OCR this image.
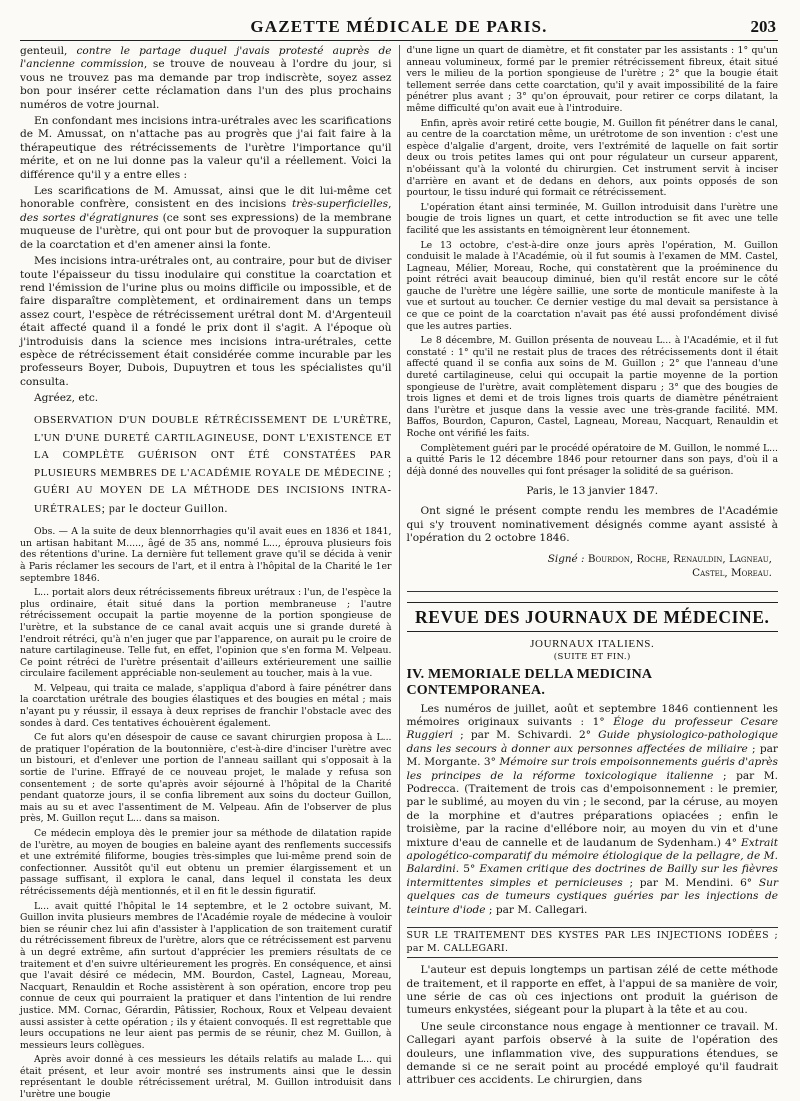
GAZETTE MÉDICALE DE PARIS.	203

genteuil, contre le partage duquel j'avais protesté auprès de l'ancienne commission, se trouve de nouveau à l'ordre du jour, si vous ne trouvez pas ma demande par trop indiscrète, soyez assez bon pour insérer cette réclamation dans l'un des plus prochains numéros de votre journal.

En confondant mes incisions intra-urétrales avec les scarifications de M. Amussat, on n'attache pas au progrès que j'ai fait faire à la thérapeutique des rétrécissements de l'urètre l'importance qu'il mérite, et on ne lui donne pas la valeur qu'il a réellement. Voici la différence qu'il y a entre elles :

Les scarifications de M. Amussat, ainsi que le dit lui-même cet honorable confrère, consistent en des incisions très-superficielles, des sortes d'égratignures (ce sont ses expressions) de la membrane muqueuse de l'urètre, qui ont pour but de provoquer la suppuration de la coarctation et d'en amener ainsi la fonte.

Mes incisions intra-urétrales ont, au contraire, pour but de diviser toute l'épaisseur du tissu inodulaire qui constitue la coarctation et rend l'émission de l'urine plus ou moins difficile ou impossible, et de faire disparaître complètement, et ordinairement dans un temps assez court, l'espèce de rétrécissement urétral dont M. d'Argenteuil était affecté quand il a fondé le prix dont il s'agit. A l'époque où j'introduisis dans la science mes incisions intra-urétrales, cette espèce de rétrécissement était considérée comme incurable par les professeurs Boyer, Dubois, Dupuytren et tous les spécialistes qu'il consulta.

Agréez, etc.
OBSERVATION D'UN DOUBLE RÉTRÉCISSEMENT DE L'URÈTRE, L'UN D'UNE DURETÉ CARTILAGINEUSE, DONT L'EXISTENCE ET LA COMPLÈTE GUÉRISON ONT ÉTÉ CONSTATÉES PAR PLUSIEURS MEMBRES DE L'ACADÉMIE ROYALE DE MÉDECINE ; GUÉRI AU MOYEN DE LA MÉTHODE DES INCISIONS INTRA-URÉTRALES; par le docteur Guillon.

Obs. — A la suite de deux blennorrhagies qu'il avait eues en 1836 et 1841, un artisan habitant M....., âgé de 35 ans, nommé L..., éprouva plusieurs fois des rétentions d'urine. La dernière fut tellement grave qu'il se décida à venir à Paris réclamer les secours de l'art, et il entra à l'hôpital de la Charité le 1er septembre 1846.

L... portait alors deux rétrécissements fibreux urétraux : l'un, de l'espèce la plus ordinaire, était situé dans la portion membraneuse ; l'autre rétrécissement occupait la partie moyenne de la portion spongieuse de l'urètre, et la substance de ce canal avait acquis une si grande dureté à l'endroit rétréci, qu'à n'en juger que par l'apparence, on aurait pu le croire de nature cartilagineuse. Telle fut, en effet, l'opinion que s'en forma M. Velpeau. Ce point rétréci de l'urètre présentait d'ailleurs extérieurement une saillie circulaire facilement appréciable non-seulement au toucher, mais à la vue.

M. Velpeau, qui traita ce malade, s'appliqua d'abord à faire pénétrer dans la coarctation urétrale des bougies élastiques et des bougies en métal ; mais n'ayant pu y réussir, il essaya à deux reprises de franchir l'obstacle avec des sondes à dard. Ces tentatives échouèrent également.

Ce fut alors qu'en désespoir de cause ce savant chirurgien proposa à L... de pratiquer l'opération de la boutonnière, c'est-à-dire d'inciser l'urètre avec un bistouri, et d'enlever une portion de l'anneau saillant qui s'opposait à la sortie de l'urine. Effrayé de ce nouveau projet, le malade y refusa son consentement ; de sorte qu'après avoir séjourné à l'hôpital de la Charité pendant quatorze jours, il se confia librement aux soins du docteur Guillon, mais au su et avec l'assentiment de M. Velpeau. Afin de l'observer de plus près, M. Guillon reçut L... dans sa maison.

Ce médecin employa dès le premier jour sa méthode de dilatation rapide de l'urètre, au moyen de bougies en baleine ayant des renflements successifs et une extrémité filiforme, bougies très-simples que lui-même prend soin de confectionner. Aussitôt qu'il eut obtenu un premier élargissement et un passage suffisant, il explora le canal, dans lequel il constata les deux rétrécissements déjà mentionnés, et il en fit le dessin figuratif.

L... avait quitté l'hôpital le 14 septembre, et le 2 octobre suivant, M. Guillon invita plusieurs membres de l'Académie royale de médecine à vouloir bien se réunir chez lui afin d'assister à l'application de son traitement curatif du rétrécissement fibreux de l'urètre, alors que ce rétrécissement est parvenu à un degré extrême, afin surtout d'apprécier les premiers résultats de ce traitement et d'en suivre ultérieurement les progrès. En conséquence, et ainsi que l'avait désiré ce médecin, MM. Bourdon, Castel, Lagneau, Moreau, Nacquart, Renauldin et Roche assistèrent à son opération, encore trop peu connue de ceux qui pourraient la pratiquer et dans l'intention de lui rendre justice. MM. Cornac, Gérardin, Pâtissier, Rochoux, Roux et Velpeau devaient aussi assister à cette opération ; ils y étaient convoqués. Il est regrettable que leurs occupations ne leur aient pas permis de se réunir, chez M. Guillon, à messieurs leurs collègues.

Après avoir donné à ces messieurs les détails relatifs au malade L... qui était présent, et leur avoir montré ses instruments ainsi que le dessin représentant le double rétrécissement urétral, M. Guillon introduisit dans l'urètre une bougie

d'une ligne un quart de diamètre, et fit constater par les assistants : 1° qu'un anneau volumineux, formé par le premier rétrécissement fibreux, était situé vers le milieu de la portion spongieuse de l'urètre ; 2° que la bougie était tellement serrée dans cette coarctation, qu'il y avait impossibilité de la faire pénétrer plus avant ; 3° qu'on éprouvait, pour retirer ce corps dilatant, la même difficulté qu'on avait eue à l'introduire.

Enfin, après avoir retiré cette bougie, M. Guillon fit pénétrer dans le canal, au centre de la coarctation même, un urétrotome de son invention : c'est une espèce d'algalie d'argent, droite, vers l'extrémité de laquelle on fait sortir deux ou trois petites lames qui ont pour régulateur un curseur apparent, n'obéissant qu'à la volonté du chirurgien. Cet instrument servit à inciser d'arrière en avant et de dedans en dehors, aux points opposés de son pourtour, le tissu induré qui formait ce rétrécissement.

L'opération étant ainsi terminée, M. Guillon introduisit dans l'urètre une bougie de trois lignes un quart, et cette introduction se fit avec une telle facilité que les assistants en témoignèrent leur étonnement.

Le 13 octobre, c'est-à-dire onze jours après l'opération, M. Guillon conduisit le malade à l'Académie, où il fut soumis à l'examen de MM. Castel, Lagneau, Mélier, Moreau, Roche, qui constatèrent que la proéminence du point rétréci avait beaucoup diminué, bien qu'il restât encore sur le côté gauche de l'urètre une légère saillie, une sorte de monticule manifeste à la vue et surtout au toucher. Ce dernier vestige du mal devait sa persistance à ce que ce point de la coarctation n'avait pas été aussi profondément divisé que les autres parties.

Le 8 décembre, M. Guillon présenta de nouveau L... à l'Académie, et il fut constaté : 1° qu'il ne restait plus de traces des rétrécissements dont il était affecté quand il se confia aux soins de M. Guillon ; 2° que l'anneau d'une dureté cartilagineuse, celui qui occupait la partie moyenne de la portion spongieuse de l'urètre, avait complètement disparu ; 3° que des bougies de trois lignes et demi et de trois lignes trois quarts de diamètre pénétraient dans l'urètre et jusque dans la vessie avec une très-grande facilité. MM. Baffos, Bourdon, Capuron, Castel, Lagneau, Moreau, Nacquart, Renauldin et Roche ont vérifié les faits.

Complètement guéri par le procédé opératoire de M. Guillon, le nommé L... a quitté Paris le 12 décembre 1846 pour retourner dans son pays, d'où il a déjà donné des nouvelles qui font présager la solidité de sa guérison.

Paris, le 13 janvier 1847.

Ont signé le présent compte rendu les membres de l'Académie qui s'y trouvent nominativement désignés comme ayant assisté à l'opération du 2 octobre 1846.

Signé : Bourdon, Roche, Renauldin, Lagneau,
Castel, Moreau.
REVUE DES JOURNAUX DE MÉDECINE.
JOURNAUX ITALIENS.
(SUITE ET FIN.)
IV. MEMORIALE DELLA MEDICINA CONTEMPORANEA.

Les numéros de juillet, août et septembre 1846 contiennent les mémoires originaux suivants : 1° Éloge du professeur Cesare Ruggieri ; par M. Schivardi. 2° Guide physiologico-pathologique dans les secours à donner aux personnes affectées de miliaire ; par M. Morgante. 3° Mémoire sur trois empoisonnements guéris d'après les principes de la réforme toxicologique italienne ; par M. Podrecca. (Traitement de trois cas d'empoisonnement : le premier, par le sublimé, au moyen du vin ; le second, par la céruse, au moyen de la morphine et d'autres préparations opiacées ; enfin le troisième, par la racine d'ellébore noir, au moyen du vin et d'une mixture d'eau de cannelle et de laudanum de Sydenham.) 4° Extrait apologético-comparatif du mémoire étiologique de la pellagre, de M. Balardini. 5° Examen critique des doctrines de Bailly sur les fièvres intermittentes simples et pernicieuses ; par M. Mendini. 6° Sur quelques cas de tumeurs cystiques guéries par les injections de teinture d'iode ; par M. Callegari.

SUR LE TRAITEMENT DES KYSTES PAR LES INJECTIONS IODÉES ; par M. CALLEGARI.

L'auteur est depuis longtemps un partisan zélé de cette méthode de traitement, et il rapporte en effet, à l'appui de sa manière de voir, une série de cas où ces injections ont produit la guérison de tumeurs enkystées, siégeant pour la plupart à la tête et au cou.

Une seule circonstance nous engage à mentionner ce travail. M. Callegari ayant parfois observé à la suite de l'opération des douleurs, une inflammation vive, des suppurations étendues, se demande si ce ne serait point au procédé employé qu'il faudrait attribuer ces accidents. Le chirurgien, dans
